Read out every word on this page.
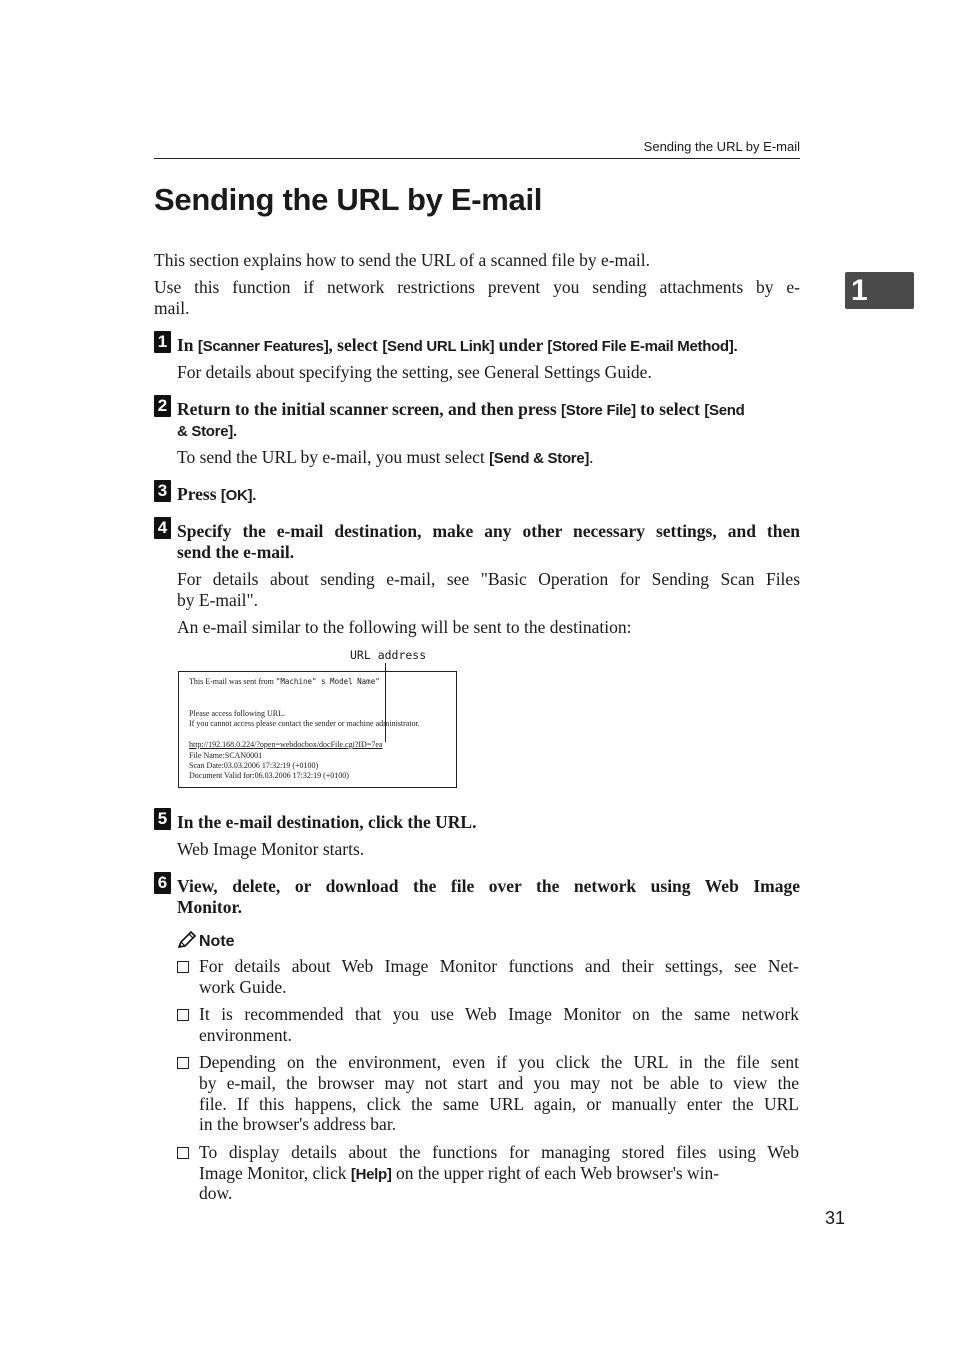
Sending the URL by E-mail
1
Sending the URL by E-mail
This section explains how to send the URL of a scanned file by e-mail.
Use this function if network restrictions prevent you sending attachments by e-
mail.
1 In [Scanner Features], select [Send URL Link] under [Stored File E-mail Method].
For details about specifying the setting, see General Settings Guide.
2 Return to the initial scanner screen, and then press [Store File] to select [Send
& Store].
To send the URL by e-mail, you must select [Send & Store].
3 Press [OK].
4 Specify the e-mail destination, make any other necessary settings, and then
send the e-mail.
For details about sending e-mail, see "Basic Operation for Sending Scan Files
by E-mail".
An e-mail similar to the following will be sent to the destination:
URL address
This E-mail was sent from "Machine" s Model Name"
Please access following URL.
If you cannot access please contact the sender or machine administrator.
http://192.168.0.224/?open=webdocbox/docFile.cgi?ID=7ea
File Name:SCAN0001
Scan Date:03.03.2006 17:32:19 (+0100)
Document Valid for:06.03.2006 17:32:19 (+0100)
5 In the e-mail destination, click the URL.
Web Image Monitor starts.
6 View, delete, or download the file over the network using Web Image
Monitor.
Note
For details about Web Image Monitor functions and their settings, see Net-
work Guide.
It is recommended that you use Web Image Monitor on the same network
environment.
Depending on the environment, even if you click the URL in the file sent
by e-mail, the browser may not start and you may not be able to view the
file. If this happens, click the same URL again, or manually enter the URL
in the browser's address bar.
To display details about the functions for managing stored files using Web
Image Monitor, click [Help] on the upper right of each Web browser's win-
dow.
31
